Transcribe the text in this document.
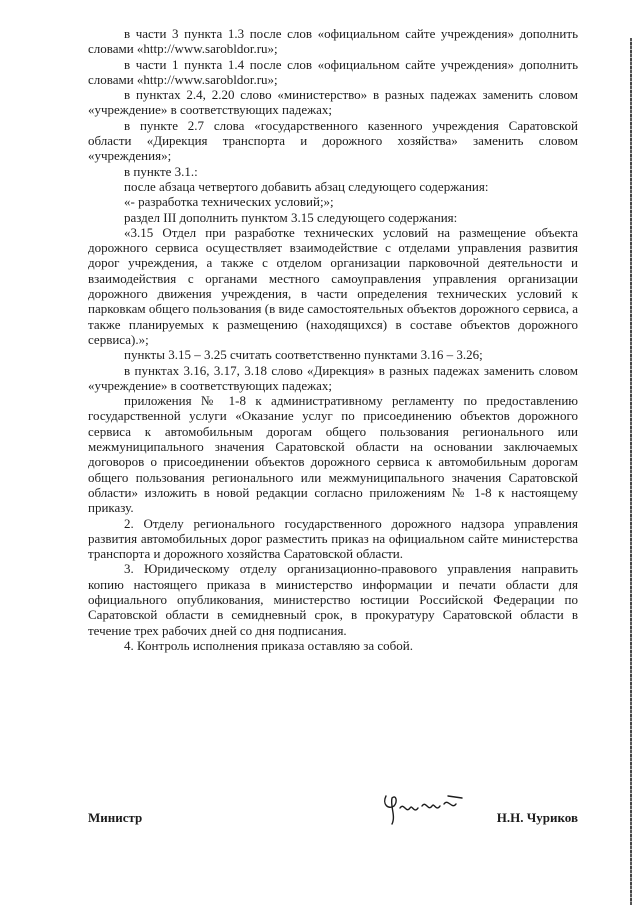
в части 3 пункта 1.3 после слов «официальном сайте учреждения» дополнить словами «http://www.sarobldor.ru»;

в части 1 пункта 1.4 после слов «официальном сайте учреждения» дополнить словами «http://www.sarobldor.ru»;

в пунктах 2.4, 2.20 слово «министерство» в разных падежах заменить словом «учреждение» в соответствующих падежах;

в пункте 2.7 слова «государственного казенного учреждения Саратовской области «Дирекция транспорта и дорожного хозяйства» заменить словом «учреждения»;

в пункте 3.1.:

после абзаца четвертого добавить абзац следующего содержания:

«- разработка технических условий;»;

раздел III дополнить пунктом 3.15 следующего содержания:

«3.15 Отдел при разработке технических условий на размещение объекта дорожного сервиса осуществляет взаимодействие с отделами управления развития дорог учреждения, а также с отделом организации парковочной деятельности и взаимодействия с органами местного самоуправления управления организации дорожного движения учреждения, в части определения технических условий к парковкам общего пользования (в виде самостоятельных объектов дорожного сервиса, а также планируемых к размещению (находящихся) в составе объектов дорожного сервиса).»;

пункты 3.15 – 3.25 считать соответственно пунктами 3.16 – 3.26;

в пунктах 3.16, 3.17, 3.18 слово «Дирекция» в разных падежах заменить словом «учреждение» в соответствующих падежах;

приложения № 1-8 к административному регламенту по предоставлению государственной услуги «Оказание услуг по присоединению объектов дорожного сервиса к автомобильным дорогам общего пользования регионального или межмуниципального значения Саратовской области на основании заключаемых договоров о присоединении объектов дорожного сервиса к автомобильным дорогам общего пользования регионального или межмуниципального значения Саратовской области» изложить в новой редакции согласно приложениям № 1-8 к настоящему приказу.

2. Отделу регионального государственного дорожного надзора управления развития автомобильных дорог разместить приказ на официальном сайте министерства транспорта и дорожного хозяйства Саратовской области.

3. Юридическому отделу организационно-правового управления направить копию настоящего приказа в министерство информации и печати области для официального опубликования, министерство юстиции Российской Федерации по Саратовской области в семидневный срок, в прокуратуру Саратовской области в течение трех рабочих дней со дня подписания.

4. Контроль исполнения приказа оставляю за собой.

Министр	Н.Н. Чуриков
